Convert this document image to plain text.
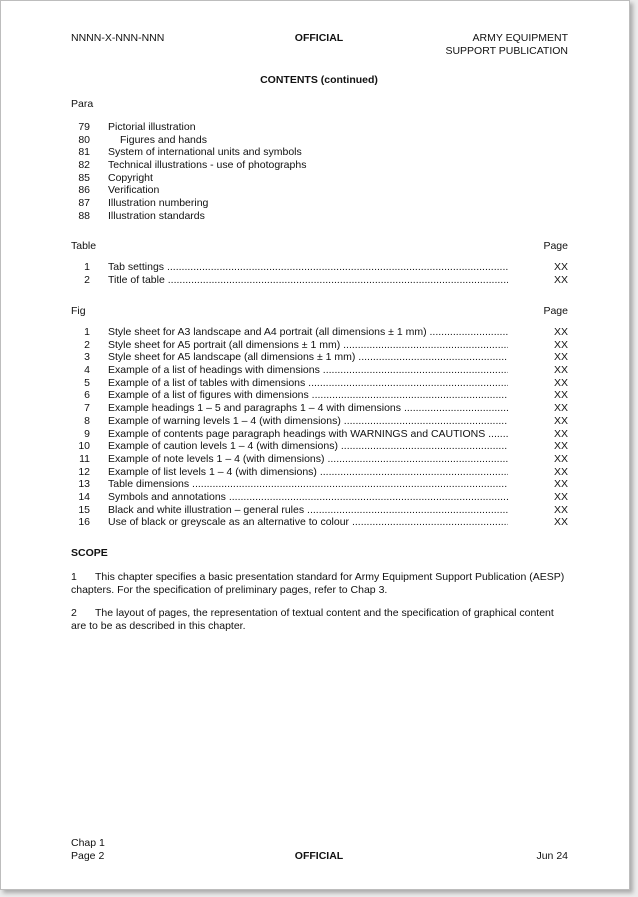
NNNN-X-NNN-NNN	OFFICIAL	ARMY EQUIPMENT
SUPPORT PUBLICATION
CONTENTS (continued)
Para
79 Pictorial illustration
80	Figures and hands
81 System of international units and symbols
82 Technical illustrations - use of photographs
85 Copyright
86 Verification
87 Illustration numbering
88 Illustration standards
Table	Page
1 Tab settings .....	XX
2 Title of table .....	XX
Fig	Page
1 Style sheet for A3 landscape and A4 portrait (all dimensions ± 1 mm) .....	XX
2 Style sheet for A5 portrait (all dimensions ± 1 mm) .....	XX
3 Style sheet for A5 landscape (all dimensions ± 1 mm) .....	XX
4 Example of a list of headings with dimensions .....	XX
5 Example of a list of tables with dimensions .....	XX
6 Example of a list of figures with dimensions .....	XX
7 Example headings 1 – 5 and paragraphs 1 – 4 with dimensions .....	XX
8 Example of warning levels 1 – 4 (with dimensions) .....	XX
9 Example of contents page paragraph headings with WARNINGS and CAUTIONS .....	XX
10 Example of caution levels 1 – 4 (with dimensions) .....	XX
11 Example of note levels 1 – 4 (with dimensions) .....	XX
12 Example of list levels 1 – 4 (with dimensions) .....	XX
13 Table dimensions .....	XX
14 Symbols and annotations .....	XX
15 Black and white illustration – general rules .....	XX
16 Use of black or greyscale as an alternative to colour .....	XX
SCOPE
1 This chapter specifies a basic presentation standard for Army Equipment Support Publication (AESP) chapters. For the specification of preliminary pages, refer to Chap 3.
2 The layout of pages, the representation of textual content and the specification of graphical content are to be as described in this chapter.
Chap 1
Page 2	OFFICIAL	Jun 24
